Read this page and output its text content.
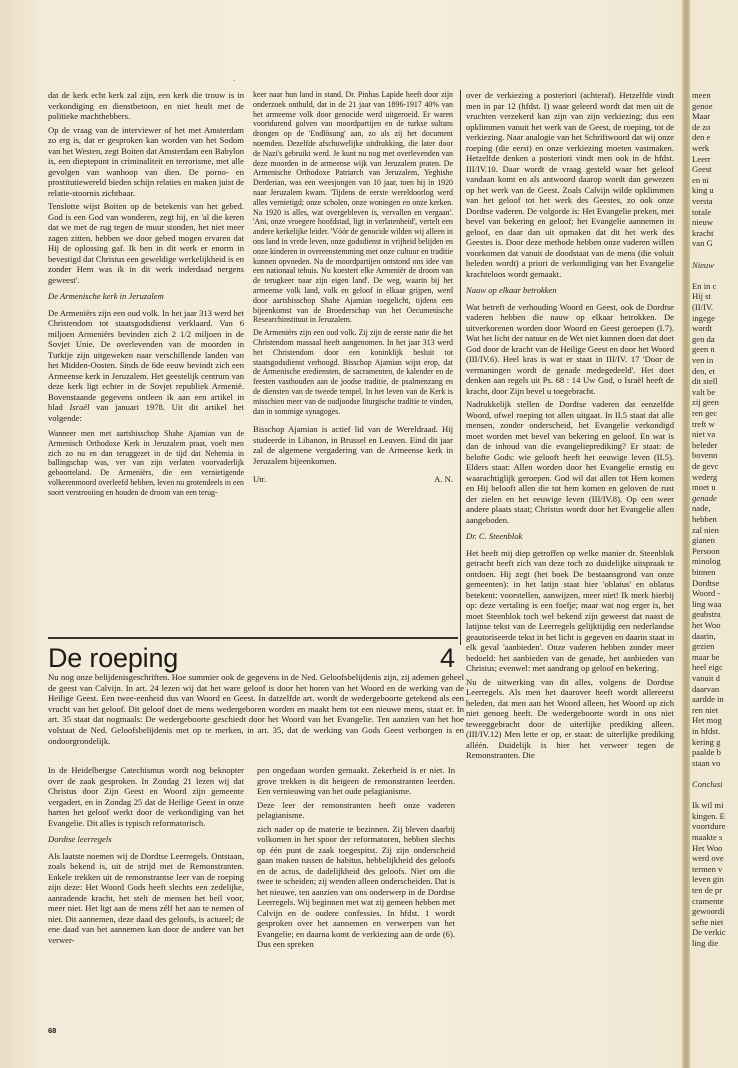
`

dat de kerk echt kerk zal zijn, een kerk die trouw is in verkondiging en dienstbetoon, en niet heult met de politieke machthebbers.

Op de vraag van de interviewer of het met Amsterdam zo erg is, dat er gesproken kan worden van het Sodom van het Westen, zegt Boiten dat Amsterdam een Babylon is, een dieptepunt in criminaliteit en terrorisme, met alle gevolgen van wanhoop van dien. De porno- en prostitutiewereld bieden schijn relaties en maken juist de relatie-stoornis zichtbaar.

Tenslotte wijst Boiten op de betekenis van het gebed. God is een God van wonderen, zegt hij, en 'al die keren dat we met de rug tegen de muur stonden, het niet meer zagen zitten, hebben we door gebed mogen ervaren dat Hij de oplossing gaf. Ik ben in dit werk er enorm in bevestigd dat Christus een geweldige werkelijkheid is en zonder Hem was ik in dit werk inderdaad nergens geweest'.

De Armenische kerk in Jeruzalem

De Armeniërs zijn een oud volk. In het jaar 313 werd het Christendom tot staatsgodsdienst verklaard. Van 6 miljoen Armeniërs bevinden zich 2 1/2 miljoen in de Sovjet Unie. De overlevenden van de moorden in Turkije zijn uitgeweken naar verschillende landen van het Midden-Oosten. Sinds de 6de eeuw bevindt zich een Armeense kerk in Jeruzalem. Het geestelijk centrum van deze kerk ligt echter in de Sovjet republiek Armenië. Bovenstaande gegevens ontleen ik aan een artikel in blad Israël van januari 1978. Uit dit artikel het volgende:

Wanneer men met aartsbisschop Shahe Ajamian van de Armenisch Orthodoxe Kerk in Jeruzalem praat, voelt men zich zo nu en dan teruggezet in de tijd dat Nehemia in ballingschap was, ver van zijn verlaten voorvaderlijk geboorteland. De Armeniërs, die een vernietigende volkerenmoord overleefd hebben, leven nu grotendeels in een soort verstrooiing en houden de droom van een terug-

keer naar hun land in stand. Dr. Pinhas Lapide heeft door zijn onderzoek onthuld, dat in de 21 jaar van 1896-1917 40% van het armeense volk door genocide werd uitgeroeid. Er waren voortdurend golven van moordpartijen en de turkse sultans drongen op de 'Endlösung' aan, zo als zij het document noemden. Dezelfde afschuwelijke uitdrukking, die later door de Nazi's gebruikt werd. Je kunt nu nog met overlevenden van deze moorden in de armeense wijk van Jeruzalem praten. De Armenische Orthodoxe Patriarch van Jeruzalem, Yeghishe Derderian, was een weesjongen van 10 jaar, toen hij in 1920 naar Jeruzalem kwam. 'Tijdens de eerste wereldoorlog werd alles vernietigd; onze scholen, onze woningen en onze kerken. Na 1920 is alles, wat overgebleven is, vervallen en vergaan'. 'Ani, onze vroegere hoofdstad, ligt in verlatenheid', vertelt een andere kerkelijke leider. 'Vóór de genocide wilden wij alleen in ons land in vrede leven, onze godsdienst in vrijheid belijden en onze kinderen in overeenstemming met onze cultuur en traditie kunnen opvoeden. Na de moordpartijen ontstond ons idee van een nationaal tehuis. Nu koestert elke Armeniër de droom van de terugkeer naar zijn eigen land'. De weg, waarin bij het armeense volk land, volk en geloof in elkaar grijpen, werd door aartsbisschop Shahe Ajamian toegelicht, tijdens een bijeenkomst van de Broederschap van het Oecumenische Researchinstituut in Jeruzalem.

De Armeniërs zijn een oud volk. Zij zijn de eerste natie die het Christendom massaal heeft aangenomen. In het jaar 313 werd het Christendom door een koninklijk besluit tot staatsgodsdienst verhoogd. Bisschop Ajamian wijst erop, dat de Armenische erediensten, de sacramenten, de kalender en de feesten vasthouden aan de joodse traditie, de psalmenzang en de diensten van de tweede tempel. In het leven van de Kerk is misschien meer van de oudjoodse liturgische traditie te vinden, dan in sommige synagoges.

Bisschop Ajamian is actief lid van de Wereldraad. Hij studeerde in Libanon, in Brussel en Leuven. Eind dit jaar zal de algemene vergadering van de Armeense kerk in Jeruzalem bijeenkomen.

Utr.	A. N.

over de verkiezing a posteriori (achteraf). Hetzelfde vindt men in par 12 (hfdst. I) waar geleerd wordt dat men uit de vruchten verzekerd kan zijn van zijn verkiezing; dus een opklimmen vanuit het werk van de Geest, de roeping, tot de verkiezing. Naar analogie van het Schriftwoord dat wij onze roeping (die eerst) en onze verkiezing moeten vastmaken. Hetzelfde denken a posteriori vindt men ook in de hfdst. III/IV.10. Daar wordt de vraag gesteld waar het geloof vandaan komt en als antwoord daarop wordt dan gewezen op het werk van de Geest. Zoals Calvijn wilde opklimmen van het geloof tot het werk des Geestes, zo ook onze Dordtse vaderen. De volgorde is: Het Evangelie preken, met bevel van bekering en geloof; het Evangelie aannemen in geloof, en daar dan uit opmaken dat dit het werk des Geestes is. Door deze methode hebben onze vaderen willen voorkomen dat vanuit de doodstaat van de mens (die voluit beleden wordt) a priori de verkondiging van het Evangelie krachteloos wordt gemaakt.

Nauw op elkaar betrokken

Wat betreft de verhouding Woord en Geest, ook de Dordtse vaderen hebben die nauw op elkaar betrokken. De uitverkorenen worden door Woord en Geest geroepen (I.7). Wat het licht der natuur en de Wet niet kunnen doen dat doet God door de kracht van de Heilige Geest en door het Woord (III/IV.6). Heel kras is wat er staat in III/IV. 17 'Door de vermaningen wordt de genade medegedeeld'. Het doet denken aan regels uit Ps. 68 : 14 Uw God, o Israël heeft de kracht, door Zijn bevel u toegebracht.

Nadrukkelijk stellen de Dordtse vaderen dat eenzelfde Woord, ofwel roeping tot allen uitgaat. In II.5 staat dat alle mensen, zonder onderscheid, het Evangelie verkondigd moet worden met bevel van bekering en geloof. En wat is dan de inhoud van die evangelieprediking? Er staat: de belofte Gods: wie gelooft heeft het eeuwige leven (II.5). Elders staat: Allen worden door het Evangelie ernstig en waarachtiglijk geroepen. God wil dat allen tot Hem komen en Hij belooft allen die tot hem komen en geloven de rust der zielen en het eeuwige leven (III/IV.8). Op een weer andere plaats staat; Christus wordt door het Evangelie allen aangeboden.

Dr. C. Steenblok

Het heeft mij diep getroffen op welke manier dr. Steenblok getracht heeft zich van deze toch zo duidelijke uitspraak te ontdoen. Hij zegt (het boek De bestaansgrond van onze gemeenten): in het latijn staat hier 'oblatus' en oblatus betekent: voorstellen, aanwijzen, meer niet! Ik merk hierbij op: deze vertaling is een foefje; maar wat nog erger is, het moet Steenblok toch wel bekend zijn geweest dat naast de latijnse tekst van de Leerregels gelijktijdig een nederlandse geautoriseerde tekst in het licht is gegeven en daarin staat in elk geval 'aanbieden'. Onze vaderen hebben zonder meer bedoeld: het aanbieden van de genade, het aanbieden van Christus; evenwel: met aandrang op geloof en bekering.

Nu de uitwerking van dit alles, volgens de Dordtse Leerregels. Als men het daarover heeft wordt allereerst beleden, dat men aan het Woord alleen, het Woord op zich niet genoeg heeft. De wedergeboorte wordt in ons niet teweeggebracht door de uiterlijke prediking alleen. (III/IV.12) Men lette er op, er staat: de uiterlijke prediking alléén. Duidelijk is hier het verweer tegen de Remonstranten. Die

De roeping	4
Nu nog onze belijdenisgeschriften. Hoe summier ook de gegevens in de Ned. Geloofsbelijdenis zijn, zij ademen geheel de geest van Calvijn. In art. 24 lezen wij dat het ware geloof is door het horen van het Woord en de werking van de Heilige Geest. Een twee-eenheid dus van Woord en Geest. In datzelfde art. wordt de wedergeboorte getekend als een vrucht van het geloof. Dit geloof doet de mens wedergeboren worden en maakt hem tot een nieuwe mens, staat er. In art. 35 staat dat nogmaals: De wedergeboorte geschiedt door het Woord van het Evangelie. Ten aanzien van het hoe volstaat de Ned. Geloofsbelijdenis met op te merken, in art. 35, dat de werking van Gods Geest verborgen is en ondoorgrondelijk.

In de Heidelbergse Catechismus wordt nog beknopter over de zaak gesproken. In Zondag 21 lezen wij dat Christus door Zijn Geest en Woord zijn gemeente vergadert, en in Zondag 25 dat de Heilige Geest in onze harten het geloof werkt door de verkondiging van het Evangelie. Dit alles is typisch reformatorisch.

Dordtse leerregels

Als laatste noemen wij de Dordtse Leerregels. Ontstaan, zoals bekend is, uit de strijd met de Remonstranten. Enkele trekken uit de remonstrantse leer van de roeping zijn deze: Het Woord Gods heeft slechts een zedelijke, aanradende kracht, het stelt de mensen het heil voor, meer niet. Het ligt aan de mens zélf het aan te nemen of niet. Dit aannemen, deze daad des geloofs, is actueel; de ene daad van het aannemen kan door de andere van het verwer-

pen ongedaan worden gemaakt. Zekerheid is er niet. In grove trekken is dit hetgeen de remonstranten leerden. Een vernieuwing van het oude pelagianisme.

Deze leer der remonstranten heeft onze vaderen pelagianisme.

zich nader op de materie te bezinnen. Zij bleven daarbij volkomen in het spoor der reformatoren, hebben slechts op één punt de zaak toegespitst. Zij zijn onderscheid gaan maken tussen de habitus, hebbelijkheid des geloofs en de actus, de dadelijkheid des geloofs. Niet om die twee te scheiden; zij wenden alleen onderscheiden. Dat is het nieuwe, ten aanzien van ons onderwerp in de Dordtse Leerregels. Wij beginnen met wat zij gemeen hebben met Calvijn en de oudere confessies. In hfdst. 1 wordt gesproken over het aannemen en verwerpen van het Evangelie; en daarna komt de verkiezing aan de orde (6). Dus een spreken

68
meen
genoe
Maar
de zo
den e
werk
Leerr
Geest
en ni
king u
versta
totale
nieuw
kracht
van G
Nieuw
En in c
Hij st
(II/IV.
ingege
wordt
gen da
geen n
ven in
den, et
dit stell
valt be
zij geen
ren gec
treft w
niet va
beleder
bovenn
de gevc
wederg
moet u
genade
nade,
hebben
zal nien
gianen
Persoon
minolog
binnen
Dordtse
Woord -
ling waa
geabstra
het Woo
daarin,
gezien
maar be
heel eigc
vanuit d
daarvan
aardde in
ren niet
Het mog
in hfdst.
kering g
paalde b
staan vo
Conclusi
Ik wil mi
kingen. E
voortdure
maakte s
Het Woo
werd ove
termen v
leven gin
ten de pr
cramente
gewoordi
sefte niet
De verkic
ling die
